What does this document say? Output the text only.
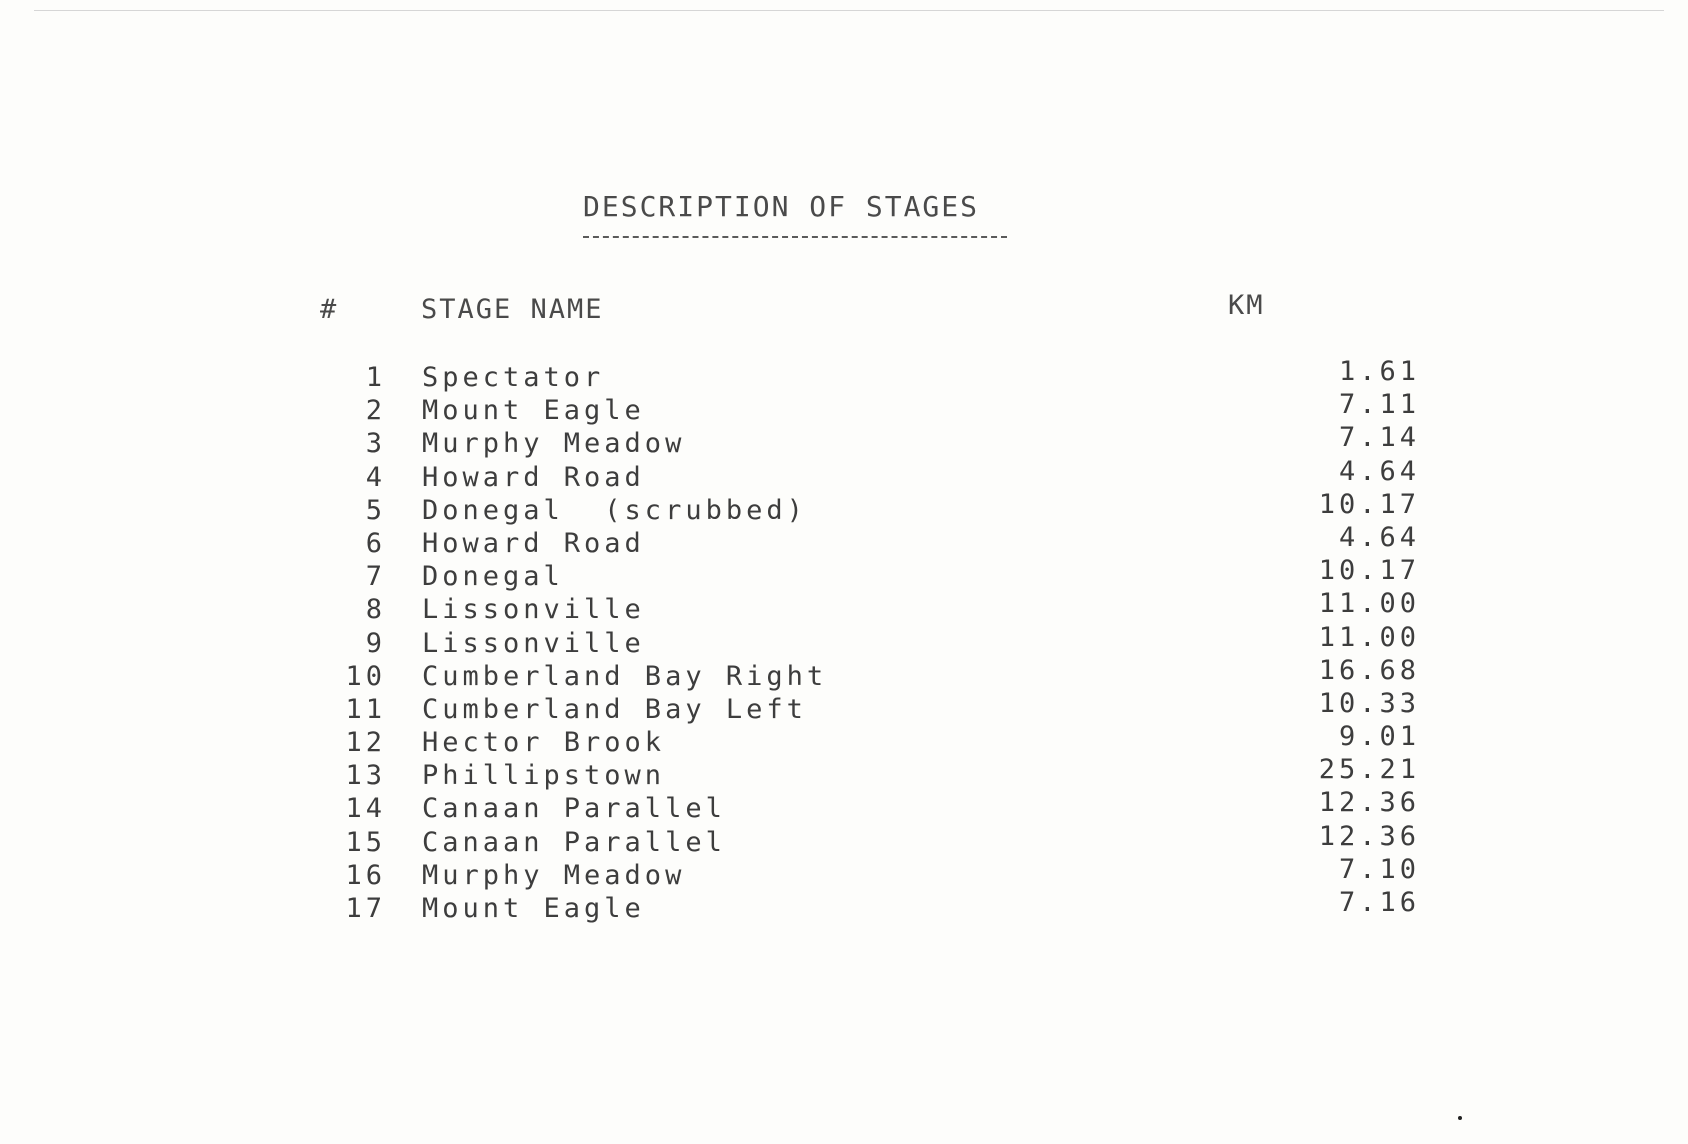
DESCRIPTION OF STAGES
#	STAGE NAME	KM
1 Spectator	1.61
2 Mount Eagle	7.11
3 Murphy Meadow	7.14
4 Howard Road	4.64
5 Donegal  (scrubbed)	10.17
6 Howard Road	4.64
7 Donegal	10.17
8 Lissonville	11.00
9 Lissonville	11.00
10 Cumberland Bay Right	16.68
11 Cumberland Bay Left	10.33
12 Hector Brook	9.01
13 Phillipstown	25.21
14 Canaan Parallel	12.36
15 Canaan Parallel	12.36
16 Murphy Meadow	7.10
17 Mount Eagle	7.16
